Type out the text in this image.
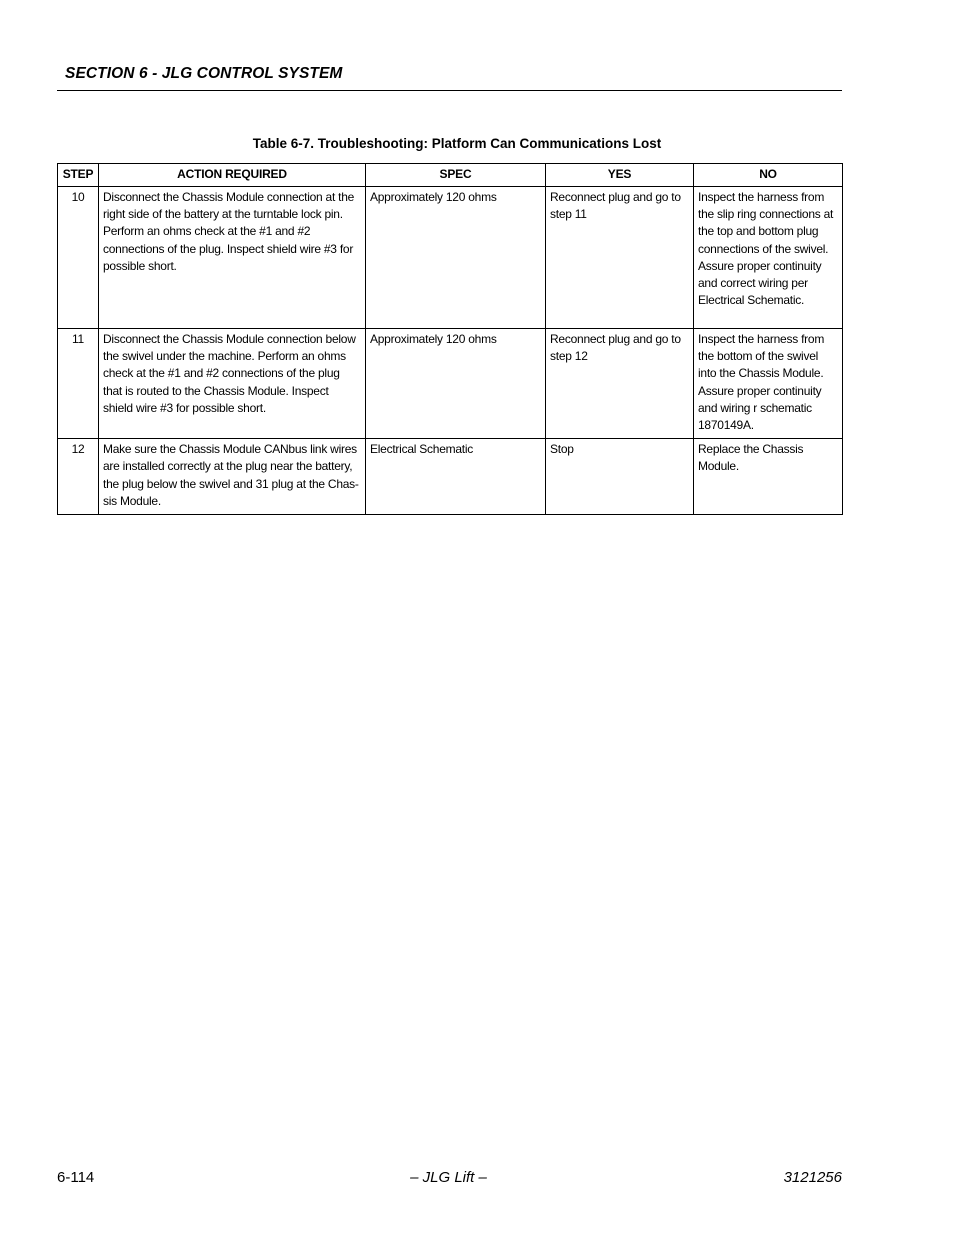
SECTION 6 - JLG CONTROL SYSTEM
Table 6-7. Troubleshooting: Platform Can Communications Lost
STEP	ACTION REQUIRED	SPEC	YES	NO
10	Disconnect the Chassis Module connection at the right side of the battery at the turntable lock pin. Perform an ohms check at the #1 and #2 connections of the plug. Inspect shield wire #3 for possible short.	Approximately 120 ohms	Reconnect plug and go to step 11	Inspect the harness from the slip ring connections at the top and bottom plug connections of the swivel. Assure proper continuity and correct wiring per Electrical Schematic.
11	Disconnect the Chassis Module connection below the swivel under the machine. Perform an ohms check at the #1 and #2 connections of the plug that is routed to the Chassis Module. Inspect shield wire #3 for possible short.	Approximately 120 ohms	Reconnect plug and go to step 12	Inspect the harness from the bottom of the swivel into the Chassis Module. Assure proper continuity and wiring r schematic 1870149A.
12	Make sure the Chassis Module CANbus link wires are installed correctly at the plug near the battery, the plug below the swivel and 31 plug at the Chas-sis Module.	Electrical Schematic	Stop	Replace the Chassis Module.
6-114	– JLG Lift –	3121256
